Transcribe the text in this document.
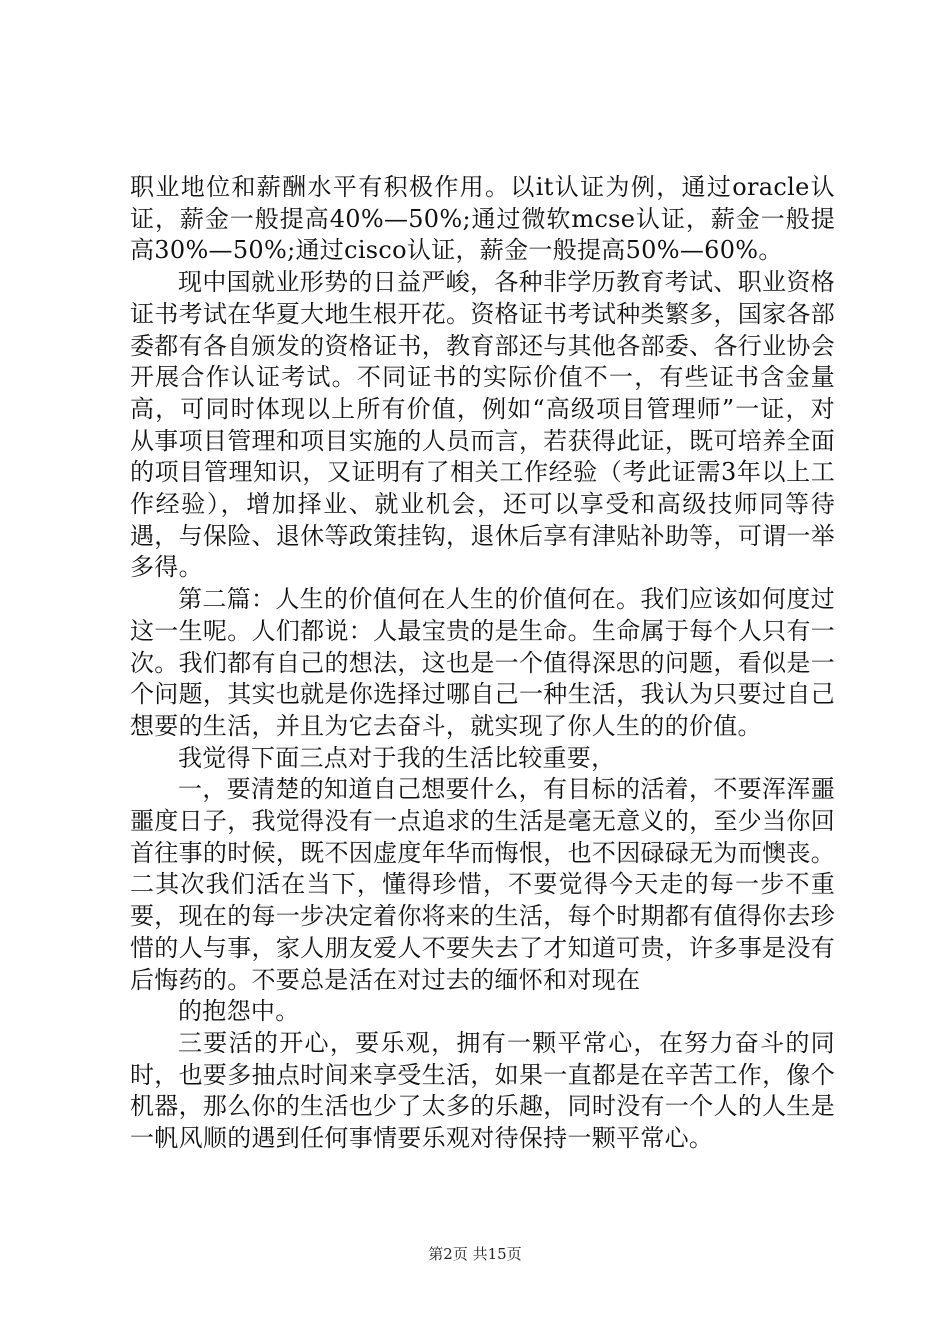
职业地位和薪酬水平有积极作用。以it认证为例，通过oracle认证，薪金一般提高40%—50%;通过微软mcse认证，薪金一般提高30%—50%;通过cisco认证，薪金一般提高50%—60%。

现中国就业形势的日益严峻，各种非学历教育考试、职业资格证书考试在华夏大地生根开花。资格证书考试种类繁多，国家各部委都有各自颁发的资格证书，教育部还与其他各部委、各行业协会开展合作认证考试。不同证书的实际价值不一，有些证书含金量高，可同时体现以上所有价值，例如“高级项目管理师”一证，对从事项目管理和项目实施的人员而言，若获得此证，既可培养全面的项目管理知识，又证明有了相关工作经验（考此证需3年以上工作经验），增加择业、就业机会，还可以享受和高级技师同等待遇，与保险、退休等政策挂钩，退休后享有津贴补助等，可谓一举多得。

第二篇：人生的价值何在人生的价值何在。我们应该如何度过这一生呢。人们都说：人最宝贵的是生命。生命属于每个人只有一次。我们都有自己的想法，这也是一个值得深思的问题，看似是一个问题，其实也就是你选择过哪自己一种生活，我认为只要过自己想要的生活，并且为它去奋斗，就实现了你人生的的价值。

我觉得下面三点对于我的生活比较重要，

一，要清楚的知道自己想要什么，有目标的活着，不要浑浑噩噩度日子，我觉得没有一点追求的生活是毫无意义的，至少当你回首往事的时候，既不因虚度年华而悔恨，也不因碌碌无为而懊丧。二其次我们活在当下，懂得珍惜，不要觉得今天走的每一步不重要，现在的每一步决定着你将来的生活，每个时期都有值得你去珍惜的人与事，家人朋友爱人不要失去了才知道可贵，许多事是没有后悔药的。不要总是活在对过去的缅怀和对现在

的抱怨中。

三要活的开心，要乐观，拥有一颗平常心，在努力奋斗的同时，也要多抽点时间来享受生活，如果一直都是在辛苦工作，像个机器，那么你的生活也少了太多的乐趣，同时没有一个人的人生是一帆风顺的遇到任何事情要乐观对待保持一颗平常心。

第2页 共15页
